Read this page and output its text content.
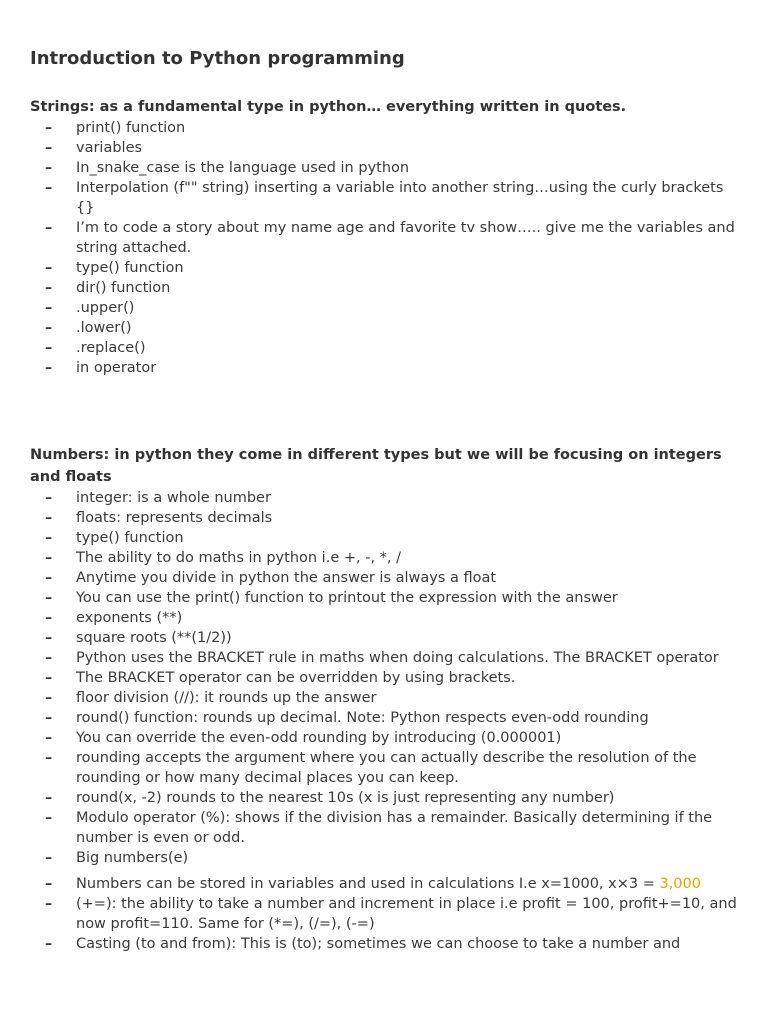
Introduction to Python programming
Strings: as a fundamental type in python… everything written in quotes.
– print() function
– variables
– In_snake_case is the language used in python
– Interpolation (f"" string) inserting a variable into another string…using the curly brackets {}
– I’m to code a story about my name age and favorite tv show….. give me the variables and string attached.
– type() function
– dir() function
– .upper()
– .lower()
– .replace()
– in operator
Numbers: in python they come in different types but we will be focusing on integers and floats
– integer: is a whole number
– floats: represents decimals
– type() function
– The ability to do maths in python i.e +, -, *, /
– Anytime you divide in python the answer is always a float
– You can use the print() function to printout the expression with the answer
– exponents (**)
– square roots (**(1/2))
– Python uses the BRACKET rule in maths when doing calculations. The BRACKET operator
– The BRACKET operator can be overridden by using brackets.
– floor division (//): it rounds up the answer
– round() function: rounds up decimal. Note: Python respects even-odd rounding
– You can override the even-odd rounding by introducing (0.000001)
– rounding accepts the argument where you can actually describe the resolution of the rounding or how many decimal places you can keep.
– round(x, -2) rounds to the nearest 10s (x is just representing any number)
– Modulo operator (%): shows if the division has a remainder. Basically determining if the number is even or odd.
– Big numbers(e)
– Numbers can be stored in variables and used in calculations I.e x=1000, x×3 = 3,000
– (+=): the ability to take a number and increment in place i.e profit = 100, profit+=10, and now profit=110. Same for (*=), (/=), (-=)
– Casting (to and from): This is (to); sometimes we can choose to take a number and
